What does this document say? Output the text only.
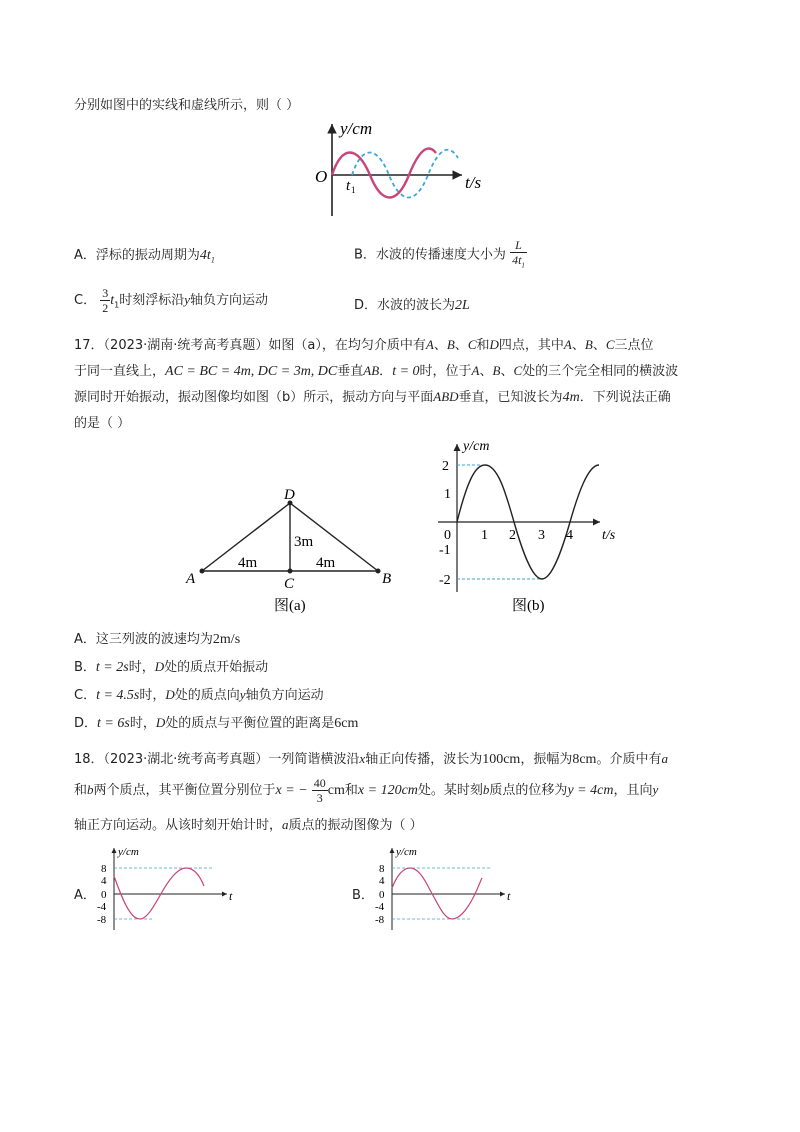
分别如图中的实线和虚线所示，则（ ）
y/cm
t/s
O t 1
A．浮标的振动周期为$4t_1$	B．水波的传播速度大小为 $\frac{L}{4t_1}$
C． $\frac{3}{2} t_1$时刻浮标沿y轴负方向运动	D．水波的波长为2L
17．（2023·湖南·统考高考真题）如图（a），在均匀介质中有A、B、C和D四点，其中A、B、C三点位
于同一直线上，AC = BC = 4m, DC = 3m, DC垂直AB．t = 0时，位于A、B、C处的三个完全相同的横波波
源同时开始振动，振动图像均如图（b）所示，振动方向与平面ABD垂直，已知波长为4m．下列说法正确
的是（ ）
A	B
C
D
4m	4m
3m
图(a)
y/cm
t/s
2
1
0
-1
-2
1 2 3 4
图(b)
A．这三列波的波速均为2m/s
B．t = 2s时，D处的质点开始振动
C．t = 4.5s时，D处的质点向y轴负方向运动
D．t = 6s时，D处的质点与平衡位置的距离是6cm
18．（2023·湖北·统考高考真题）一列简谐横波沿x轴正向传播，波长为100cm，振幅为8cm。介质中有a
和b两个质点，其平衡位置分别位于x = − $\frac{40}{3}$ cm和x = 120cm处。某时刻b质点的位移为y = 4cm，且向y
轴正方向运动。从该时刻开始计时，a质点的振动图像为（ ）
A．
y/cm
t
8
4
0
-4
-8
B．
y/cm
t
8
4
0
-4
-8
